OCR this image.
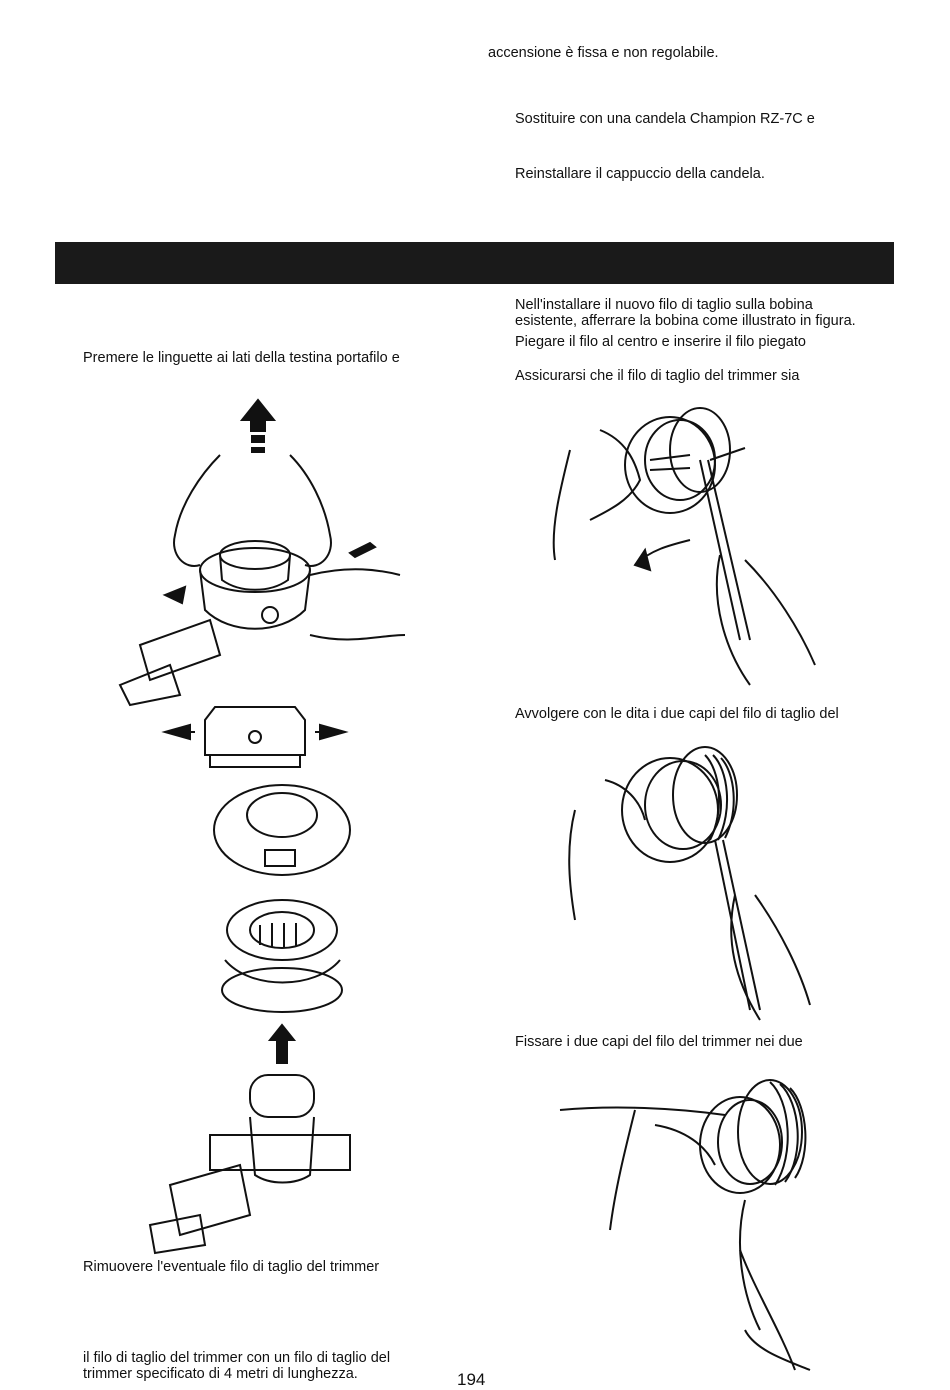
accensione è fissa e non regolabile.
Sostituire con una candela Champion RZ-7C e
Reinstallare il cappuccio della candela.
Nell'installare il nuovo filo di taglio sulla bobina
esistente, afferrare la bobina come illustrato in figura.
Piegare il filo al centro e inserire il filo piegato
Assicurarsi che il filo di taglio del trimmer sia
Premere le linguette ai lati della testina portafilo e
Avvolgere con le dita i due capi del filo di taglio del
Fissare i due capi del filo del trimmer nei due
Rimuovere l'eventuale filo di taglio del trimmer
il filo di taglio del trimmer con un filo di taglio del
trimmer specificato di 4 metri di lunghezza.	194
